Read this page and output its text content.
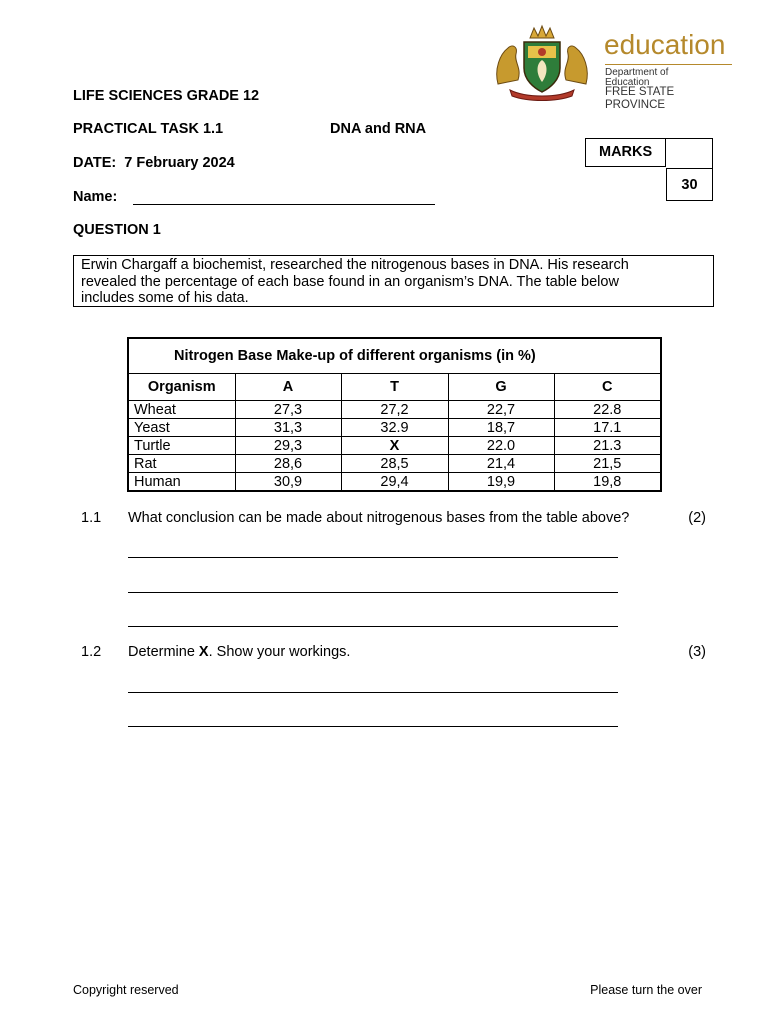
education
Department of
Education
FREE STATE PROVINCE
LIFE SCIENCES GRADE 12
PRACTICAL TASK 1.1	DNA and RNA
DATE: 7 February 2024
Name:
MARKS
30
QUESTION 1
Erwin Chargaff a biochemist, researched the nitrogenous bases in DNA. His research
revealed the percentage of each base found in an organism’s DNA. The table below
includes some of his data.
Nitrogen Base Make-up of different organisms (in %)				
Organism	A	T	G	C
Wheat	27,3	27,2	22,7	22.8
Yeast	31,3	32.9	18,7	17.1
Turtle	29,3	X	22.0	21.3
Rat	28,6	28,5	21,4	21,5
Human	30,9	29,4	19,9	19,8
1.1 What conclusion can be made about nitrogenous bases from the table above?	(2)
1.2 Determine X. Show your workings.	(3)
Copyright reserved	Please turn the over
